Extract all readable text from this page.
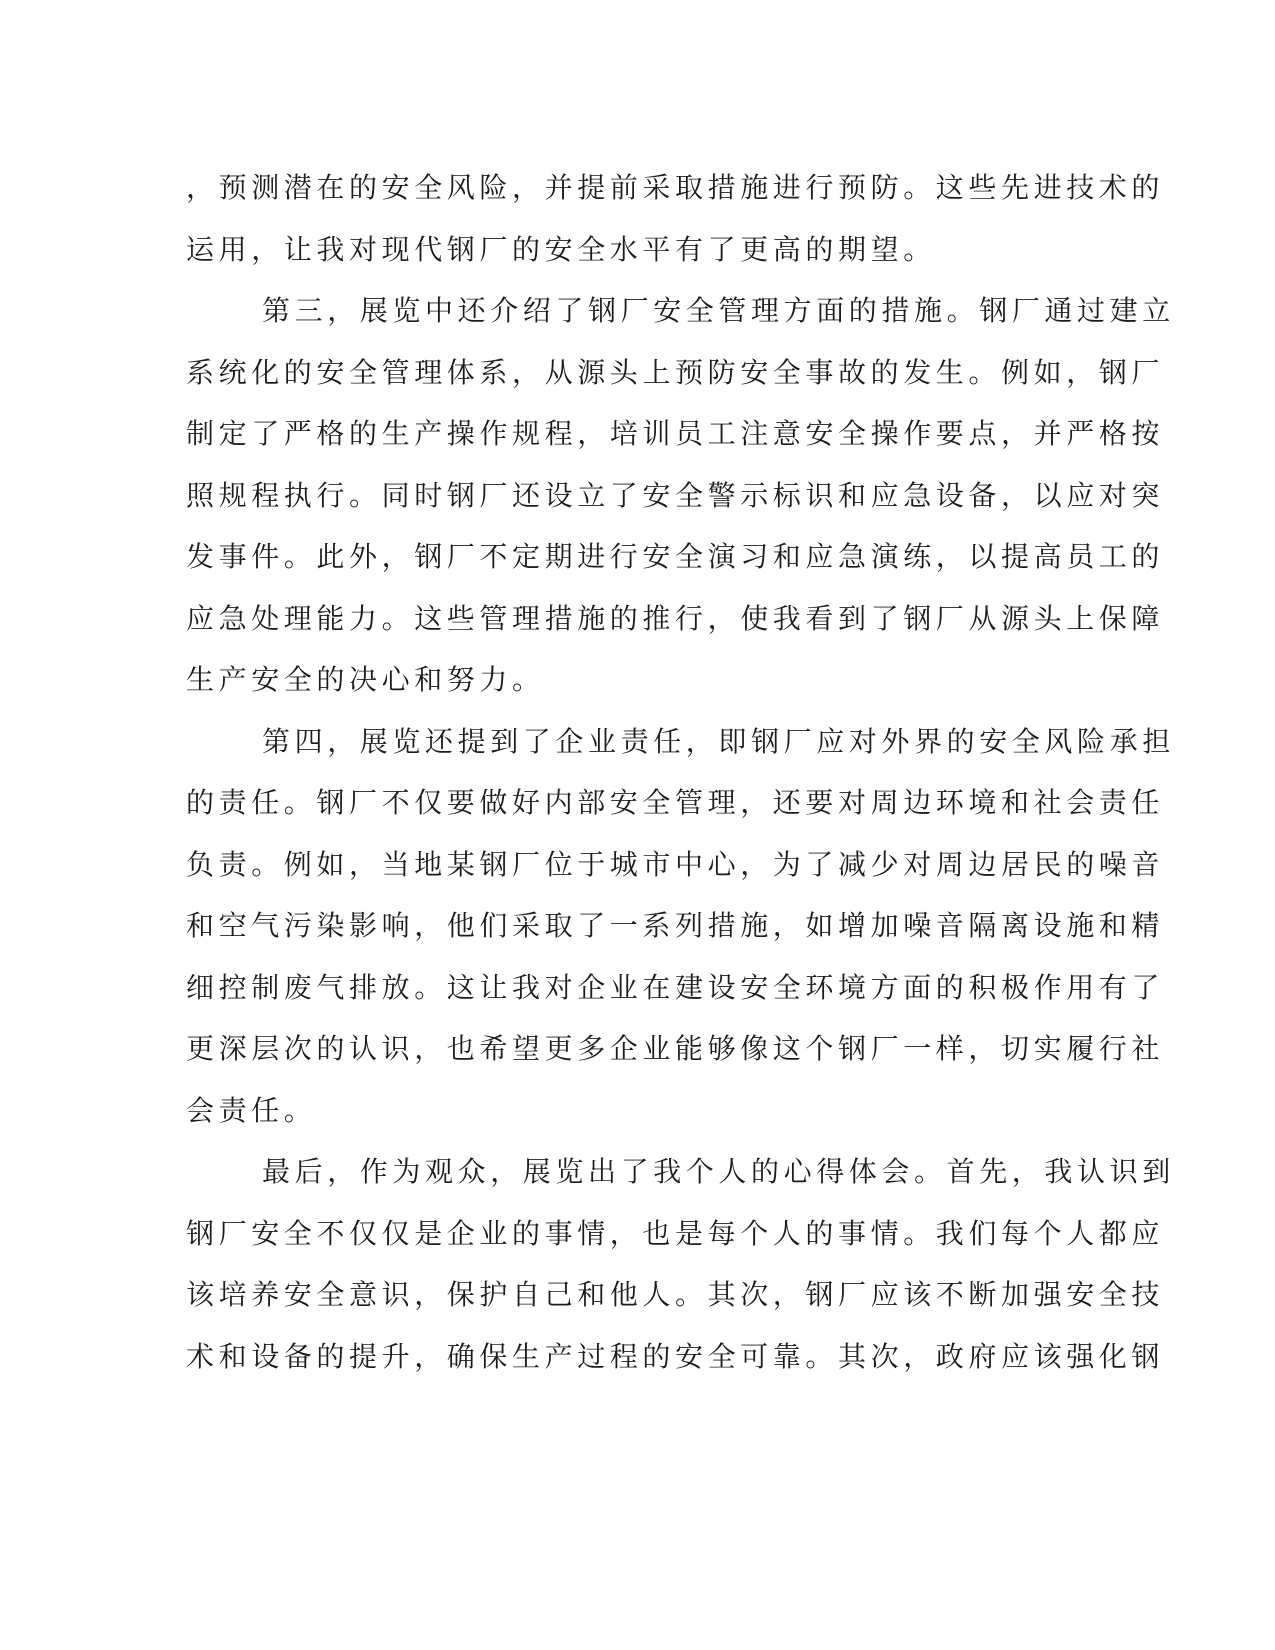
，预测潜在的安全风险，并提前采取措施进行预防。这些先进技术的
运用，让我对现代钢厂的安全水平有了更高的期望。
第三，展览中还介绍了钢厂安全管理方面的措施。钢厂通过建立
系统化的安全管理体系，从源头上预防安全事故的发生。例如，钢厂
制定了严格的生产操作规程，培训员工注意安全操作要点，并严格按
照规程执行。同时钢厂还设立了安全警示标识和应急设备，以应对突
发事件。此外，钢厂不定期进行安全演习和应急演练，以提高员工的
应急处理能力。这些管理措施的推行，使我看到了钢厂从源头上保障
生产安全的决心和努力。
第四，展览还提到了企业责任，即钢厂应对外界的安全风险承担
的责任。钢厂不仅要做好内部安全管理，还要对周边环境和社会责任
负责。例如，当地某钢厂位于城市中心，为了减少对周边居民的噪音
和空气污染影响，他们采取了一系列措施，如增加噪音隔离设施和精
细控制废气排放。这让我对企业在建设安全环境方面的积极作用有了
更深层次的认识，也希望更多企业能够像这个钢厂一样，切实履行社
会责任。
最后，作为观众，展览出了我个人的心得体会。首先，我认识到
钢厂安全不仅仅是企业的事情，也是每个人的事情。我们每个人都应
该培养安全意识，保护自己和他人。其次，钢厂应该不断加强安全技
术和设备的提升，确保生产过程的安全可靠。其次，政府应该强化钢
